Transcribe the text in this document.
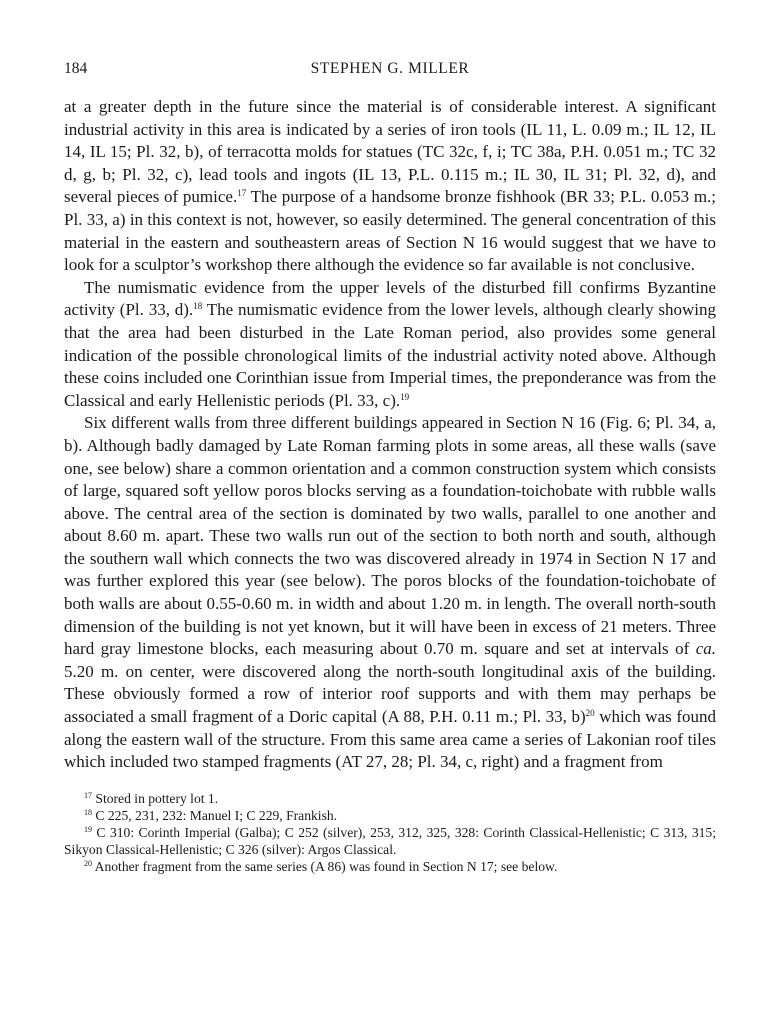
184	STEPHEN G. MILLER

at a greater depth in the future since the material is of considerable interest. A significant industrial activity in this area is indicated by a series of iron tools (IL 11, L. 0.09 m.; IL 12, IL 14, IL 15; Pl. 32, b), of terracotta molds for statues (TC 32c, f, i; TC 38a, P.H. 0.051 m.; TC 32 d, g, b; Pl. 32, c), lead tools and ingots (IL 13, P.L. 0.115 m.; IL 30, IL 31; Pl. 32, d), and several pieces of pumice.$^{17}$ The purpose of a handsome bronze fishhook (BR 33; P.L. 0.053 m.; Pl. 33, a) in this context is not, however, so easily determined. The general concentration of this material in the eastern and southeastern areas of Section N 16 would suggest that we have to look for a sculptor’s workshop there although the evidence so far available is not conclusive.

The numismatic evidence from the upper levels of the disturbed fill confirms Byzantine activity (Pl. 33, d).$^{18}$ The numismatic evidence from the lower levels, although clearly showing that the area had been disturbed in the Late Roman period, also provides some general indication of the possible chronological limits of the industrial activity noted above. Although these coins included one Corinthian issue from Imperial times, the preponderance was from the Classical and early Hellenistic periods (Pl. 33, c).$^{19}$

Six different walls from three different buildings appeared in Section N 16 (Fig. 6; Pl. 34, a, b). Although badly damaged by Late Roman farming plots in some areas, all these walls (save one, see below) share a common orientation and a common construction system which consists of large, squared soft yellow poros blocks serving as a foundation-toichobate with rubble walls above. The central area of the section is dominated by two walls, parallel to one another and about 8.60 m. apart. These two walls run out of the section to both north and south, although the southern wall which connects the two was discovered already in 1974 in Section N 17 and was further explored this year (see below). The poros blocks of the foundation-toichobate of both walls are about 0.55-0.60 m. in width and about 1.20 m. in length. The overall north-south dimension of the building is not yet known, but it will have been in excess of 21 meters. Three hard gray limestone blocks, each measuring about 0.70 m. square and set at intervals of ca. 5.20 m. on center, were discovered along the north-south longitudinal axis of the building. These obviously formed a row of interior roof supports and with them may perhaps be associated a small fragment of a Doric capital (A 88, P.H. 0.11 m.; Pl. 33, b)$^{20}$ which was found along the eastern wall of the structure. From this same area came a series of Lakonian roof tiles which included two stamped fragments (AT 27, 28; Pl. 34, c, right) and a fragment from

$^{17}$ Stored in pottery lot 1.

$^{18}$ C 225, 231, 232: Manuel I; C 229, Frankish.

$^{19}$ C 310: Corinth Imperial (Galba); C 252 (silver), 253, 312, 325, 328: Corinth Classical-Hellenistic; C 313, 315; Sikyon Classical-Hellenistic; C 326 (silver): Argos Classical.

$^{20}$ Another fragment from the same series (A 86) was found in Section N 17; see below.
